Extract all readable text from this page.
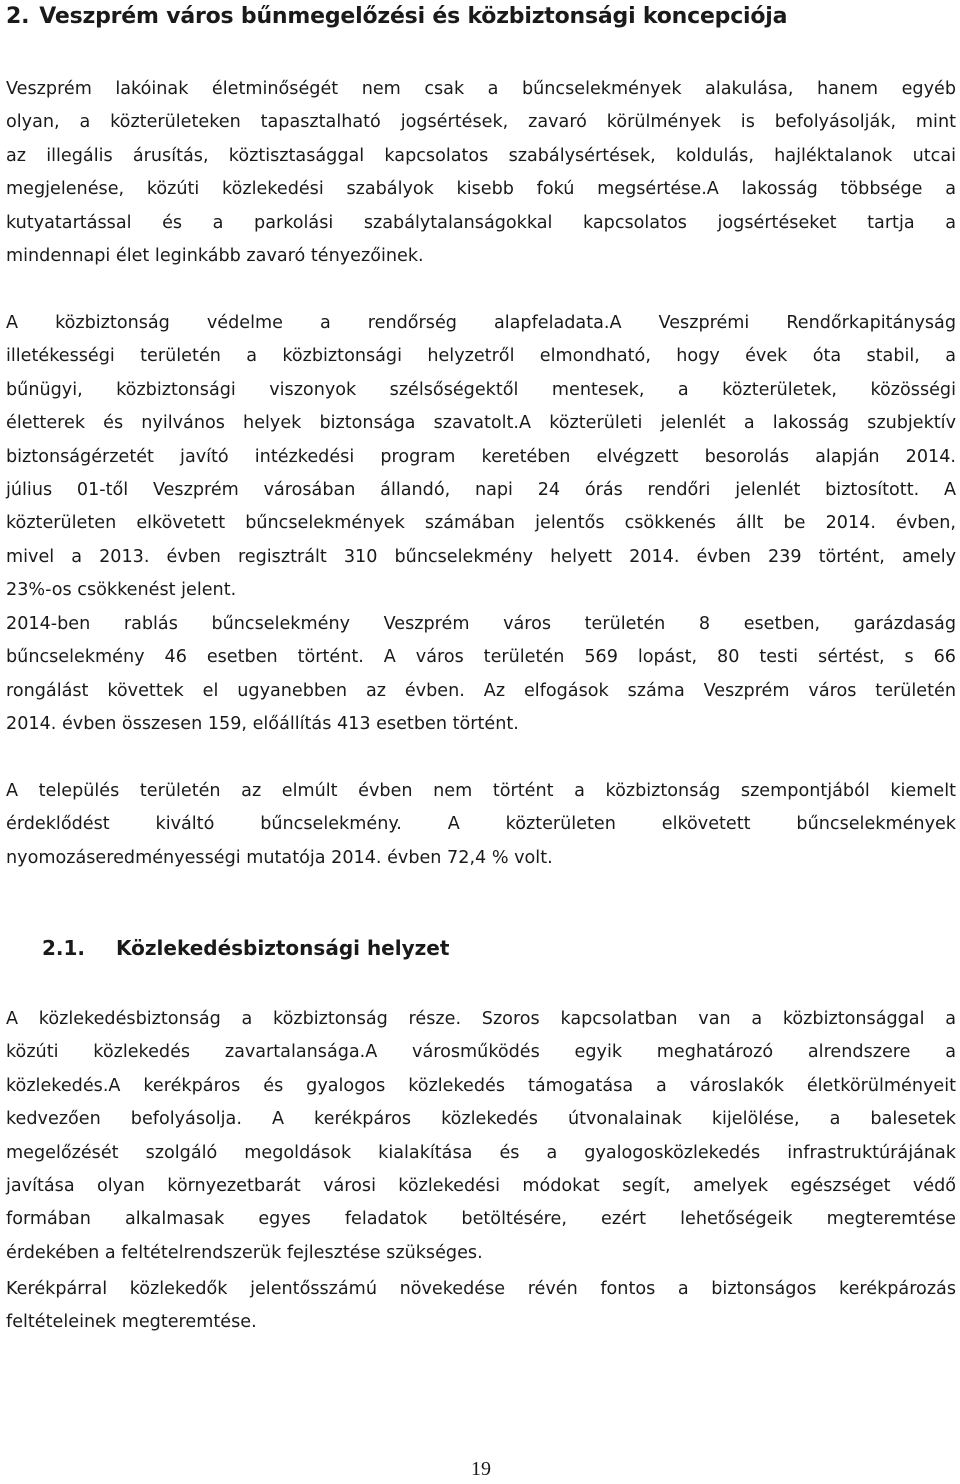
2. Veszprém város bűnmegelőzési és közbiztonsági koncepciója
Veszprém lakóinak életminőségét nem csak a bűncselekmények alakulása, hanem egyéb
olyan, a közterületeken tapasztalható jogsértések, zavaró körülmények is befolyásolják, mint
az illegális árusítás, köztisztasággal kapcsolatos szabálysértések, koldulás, hajléktalanok utcai
megjelenése, közúti közlekedési szabályok kisebb fokú megsértése.A lakosság többsége a
kutyatartással és a parkolási szabálytalanságokkal kapcsolatos jogsértéseket tartja a
mindennapi élet leginkább zavaró tényezőinek.
A közbiztonság védelme a rendőrség alapfeladata.A Veszprémi Rendőrkapitányság
illetékességi területén a közbiztonsági helyzetről elmondható, hogy évek óta stabil, a
bűnügyi, közbiztonsági viszonyok szélsőségektől mentesek, a közterületek, közösségi
életterek és nyilvános helyek biztonsága szavatolt.A közterületi jelenlét a lakosság szubjektív
biztonságérzetét javító intézkedési program keretében elvégzett besorolás alapján 2014.
július 01-től Veszprém városában állandó, napi 24 órás rendőri jelenlét biztosított. A
közterületen elkövetett bűncselekmények számában jelentős csökkenés állt be 2014. évben,
mivel a 2013. évben regisztrált 310 bűncselekmény helyett 2014. évben 239 történt, amely
23%-os csökkenést jelent.
2014-ben rablás bűncselekmény Veszprém város területén 8 esetben, garázdaság
bűncselekmény 46 esetben történt. A város területén 569 lopást, 80 testi sértést, s 66
rongálást követtek el ugyanebben az évben. Az elfogások száma Veszprém város területén
2014. évben összesen 159, előállítás 413 esetben történt.
A település területén az elmúlt évben nem történt a közbiztonság szempontjából kiemelt
érdeklődést kiváltó bűncselekmény. A közterületen elkövetett bűncselekmények
nyomozáseredményességi mutatója 2014. évben 72,4 % volt.
2.1. Közlekedésbiztonsági helyzet
A közlekedésbiztonság a közbiztonság része. Szoros kapcsolatban van a közbiztonsággal a
közúti közlekedés zavartalansága.A városműködés egyik meghatározó alrendszere a
közlekedés.A kerékpáros és gyalogos közlekedés támogatása a városlakók életkörülményeit
kedvezően befolyásolja. A kerékpáros közlekedés útvonalainak kijelölése, a balesetek
megelőzését szolgáló megoldások kialakítása és a gyalogosközlekedés infrastruktúrájának
javítása olyan környezetbarát városi közlekedési módokat segít, amelyek egészséget védő
formában alkalmasak egyes feladatok betöltésére, ezért lehetőségeik megteremtése
érdekében a feltételrendszerük fejlesztése szükséges.
Kerékpárral közlekedők jelentősszámú növekedése révén fontos a biztonságos kerékpározás
feltételeinek megteremtése.
19
